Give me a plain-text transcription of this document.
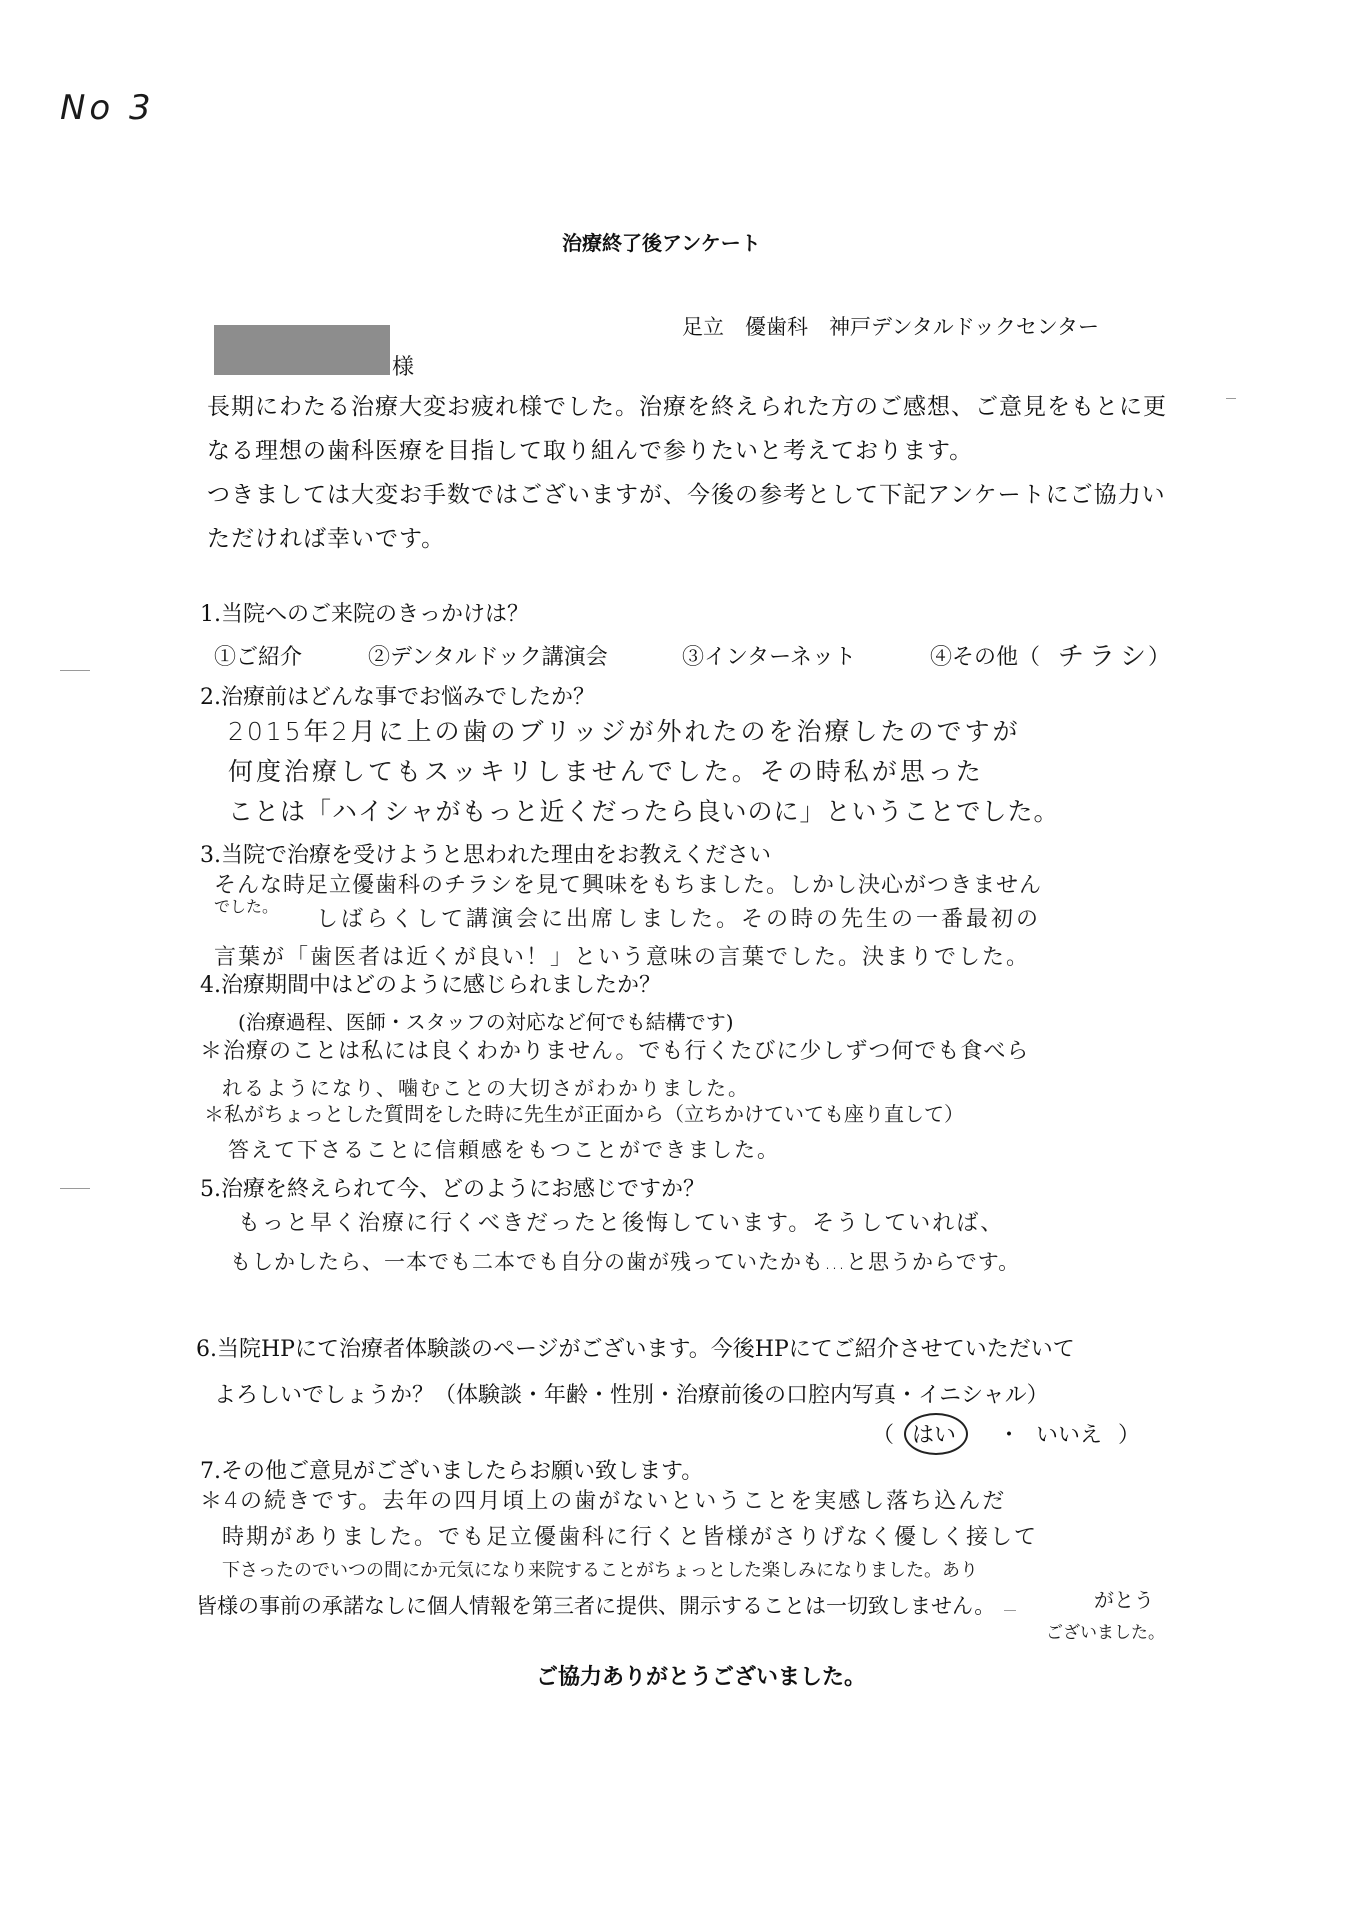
No 3
治療終了後アンケート
足立　優歯科　神戸デンタルドックセンター
様
長期にわたる治療大変お疲れ様でした。治療を終えられた方のご感想、ご意見をもとに更
なる理想の歯科医療を目指して取り組んで参りたいと考えております。
つきましては大変お手数ではございますが、今後の参考として下記アンケートにご協力い
ただければ幸いです。
1.当院へのご来院のきっかけは？
①ご紹介	②デンタルドック講演会	③インターネット	④その他（ チラシ
）
2.治療前はどんな事でお悩みでしたか？
2015年2月に上の歯のブリッジが外れたのを治療したのですが
何度治療してもスッキリしませんでした。その時私が思った
ことは「ハイシャがもっと近くだったら良いのに」ということでした。
3.当院で治療を受けようと思われた理由をお教えください
そんな時足立優歯科のチラシを見て興味をもちました。しかし決心がつきません
でした。
しばらくして講演会に出席しました。その時の先生の一番最初の
言葉が「歯医者は近くが良い！」という意味の言葉でした。決まりでした。
4.治療期間中はどのように感じられましたか？
(治療過程、医師・スタッフの対応など何でも結構です)
＊治療のことは私には良くわかりません。でも行くたびに少しずつ何でも食べら
れるようになり、噛むことの大切さがわかりました。
＊私がちょっとした質問をした時に先生が正面から（立ちかけていても座り直して）
答えて下さることに信頼感をもつことができました。
5.治療を終えられて今、どのようにお感じですか？
もっと早く治療に行くべきだったと後悔しています。そうしていれば、
もしかしたら、一本でも二本でも自分の歯が残っていたかも…と思うからです。
6.当院HPにて治療者体験談のページがございます。今後HPにてご紹介させていただいて
よろしいでしょうか？（体験談・年齢・性別・治療前後の口腔内写真・イニシャル）
（ はい ・ いいえ ）
7.その他ご意見がございましたらお願い致します。
＊4の続きです。去年の四月頃上の歯がないということを実感し落ち込んだ
時期がありました。でも足立優歯科に行くと皆様がさりげなく優しく接して
下さったのでいつの間にか元気になり来院することがちょっとした楽しみになりました。あり
皆様の事前の承諾なしに個人情報を第三者に提供、開示することは一切致しません。	がとう
ございました。
ご協力ありがとうございました。
